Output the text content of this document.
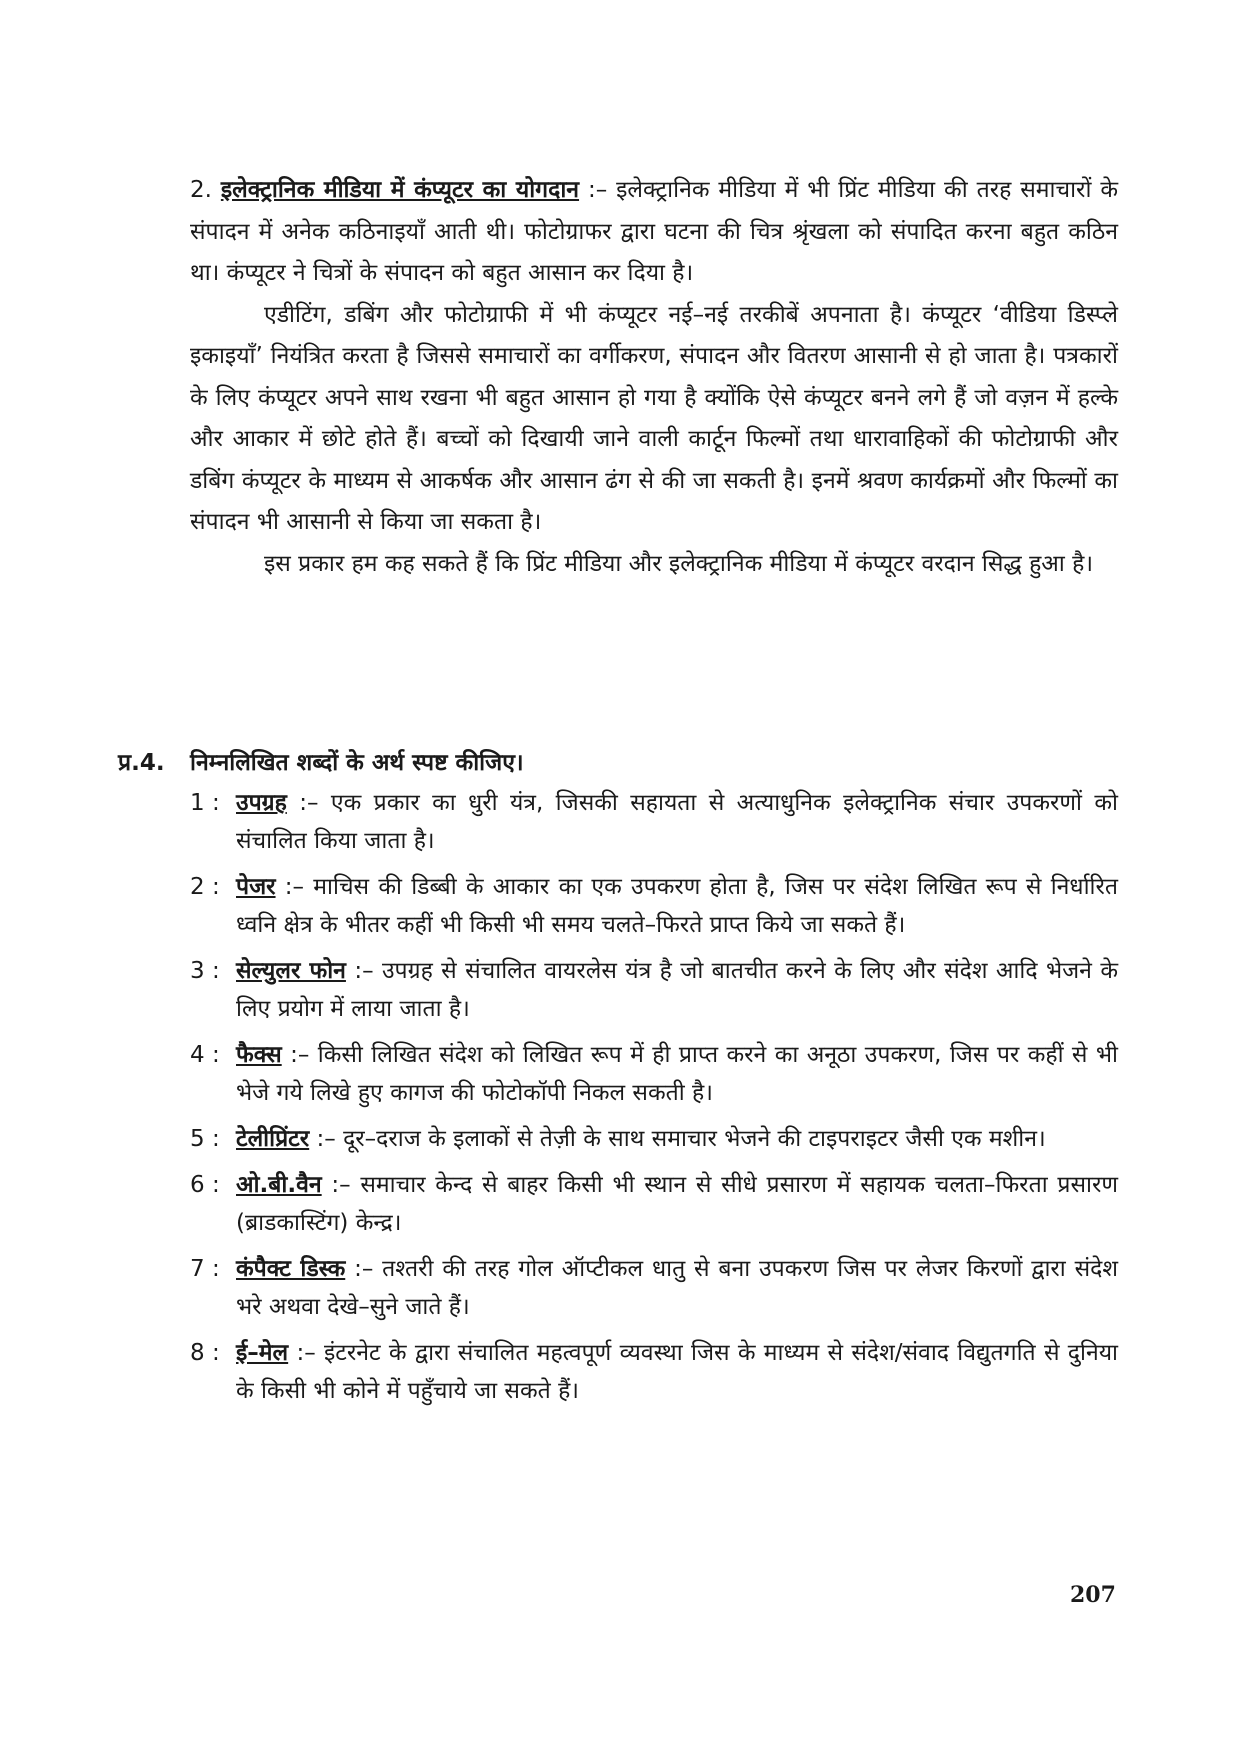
2. इलेक्ट्रानिक मीडिया में कंप्यूटर का योगदान :– इलेक्ट्रानिक मीडिया में भी प्रिंट मीडिया की तरह समाचारों के संपादन में अनेक कठिनाइयाँ आती थी। फोटोग्राफर द्वारा घटना की चित्र श्रृंखला को संपादित करना बहुत कठिन था। कंप्यूटर ने चित्रों के संपादन को बहुत आसान कर दिया है।
एडीटिंग, डबिंग और फोटोग्राफी में भी कंप्यूटर नई–नई तरकीबें अपनाता है। कंप्यूटर ‘वीडिया डिस्प्ले इकाइयाँ’ नियंत्रित करता है जिससे समाचारों का वर्गीकरण, संपादन और वितरण आसानी से हो जाता है। पत्रकारों के लिए कंप्यूटर अपने साथ रखना भी बहुत आसान हो गया है क्योंकि ऐसे कंप्यूटर बनने लगे हैं जो वज़न में हल्के और आकार में छोटे होते हैं। बच्चों को दिखायी जाने वाली कार्टून फिल्मों तथा धारावाहिकों की फोटोग्राफी और डबिंग कंप्यूटर के माध्यम से आकर्षक और आसान ढंग से की जा सकती है। इनमें श्रवण कार्यक्रमों और फिल्मों का संपादन भी आसानी से किया जा सकता है।
इस प्रकार हम कह सकते हैं कि प्रिंट मीडिया और इलेक्ट्रानिक मीडिया में कंप्यूटर वरदान सिद्ध हुआ है।
प्र.4. निम्नलिखित शब्दों के अर्थ स्पष्ट कीजिए।
1 : उपग्रह :– एक प्रकार का धुरी यंत्र, जिसकी सहायता से अत्याधुनिक इलेक्ट्रानिक संचार उपकरणों को संचालित किया जाता है।
2 : पेजर :– माचिस की डिब्बी के आकार का एक उपकरण होता है, जिस पर संदेश लिखित रूप से निर्धारित ध्वनि क्षेत्र के भीतर कहीं भी किसी भी समय चलते–फिरते प्राप्त किये जा सकते हैं।
3 : सेल्युलर फोन :– उपग्रह से संचालित वायरलेस यंत्र है जो बातचीत करने के लिए और संदेश आदि भेजने के लिए प्रयोग में लाया जाता है।
4 : फैक्स :– किसी लिखित संदेश को लिखित रूप में ही प्राप्त करने का अनूठा उपकरण, जिस पर कहीं से भी भेजे गये लिखे हुए कागज की फोटोकॉपी निकल सकती है।
5 : टेलीप्रिंटर :– दूर–दराज के इलाकों से तेज़ी के साथ समाचार भेजने की टाइपराइटर जैसी एक मशीन।
6 : ओ.बी.वैन :– समाचार केन्द से बाहर किसी भी स्थान से सीधे प्रसारण में सहायक चलता–फिरता प्रसारण (ब्राडकास्टिंग) केन्द्र।
7 : कंपैक्ट डिस्क :– तश्तरी की तरह गोल ऑप्टीकल धातु से बना उपकरण जिस पर लेजर किरणों द्वारा संदेश भरे अथवा देखे–सुने जाते हैं।
8 : ई–मेल :– इंटरनेट के द्वारा संचालित महत्वपूर्ण व्यवस्था जिस के माध्यम से संदेश/संवाद विद्युतगति से दुनिया के किसी भी कोने में पहुँचाये जा सकते हैं।
207
